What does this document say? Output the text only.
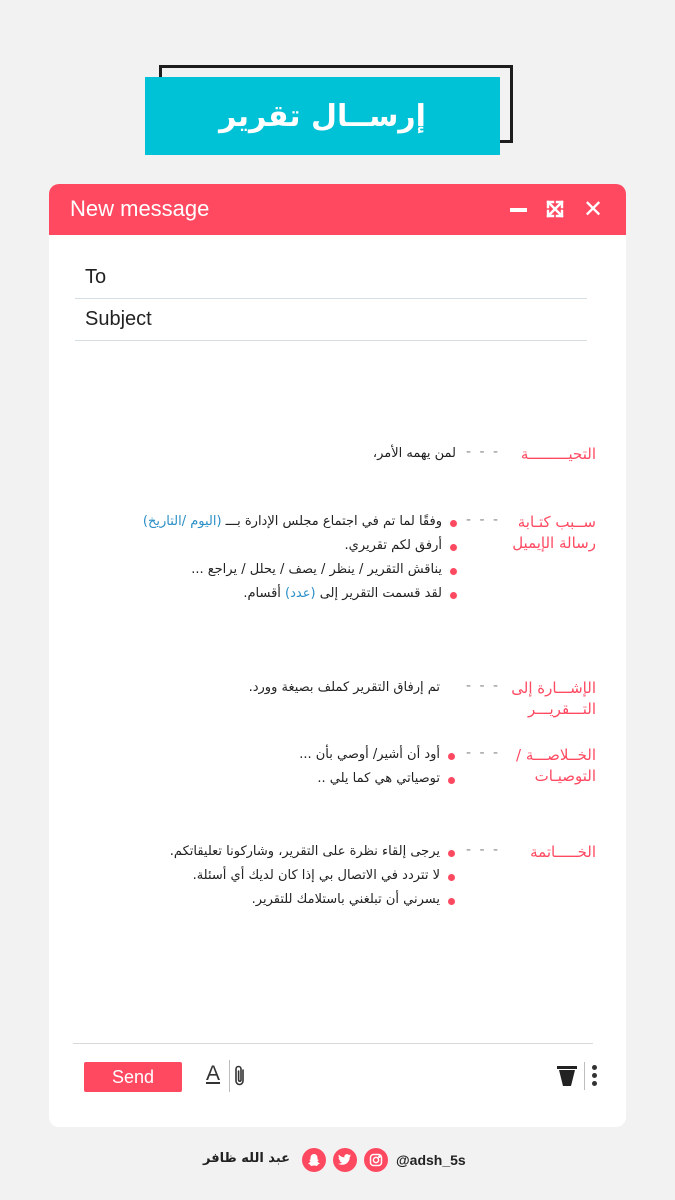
إرســال تقرير
New message	✕
To
Subject
التحيـــــــــة
- - -
لمن يهمه الأمر،
ســبب كتـابة رسالة الإيميل
- - -
وفقًا لما تم في اجتماع مجلس الإدارة بـــ (اليوم /التاريخ)
أرفق لكم تقريري.
يناقش التقرير / ينظر / يصف / يحلل / يراجع ...
لقد قسمت التقرير إلى (عدد) أقسام.
الإشـــارة إلى التـــقريـــر
- - -
تم إرفاق التقرير كملف بصيغة وورد.
الخــلاصـــة / التوصيـات
- - -
أود أن أشير/ أوصي بأن ...
توصياتي هي كما يلي ..
الخـــــاتمة
- - -
يرجى إلقاء نظرة على التقرير، وشاركونا تعليقاتكم.
لا تتردد في الاتصال بي إذا كان لديك أي أسئلة.
يسرني أن تبلغني باستلامك للتقرير.
Send	A
عبد الله ظافر	@adsh_5s
